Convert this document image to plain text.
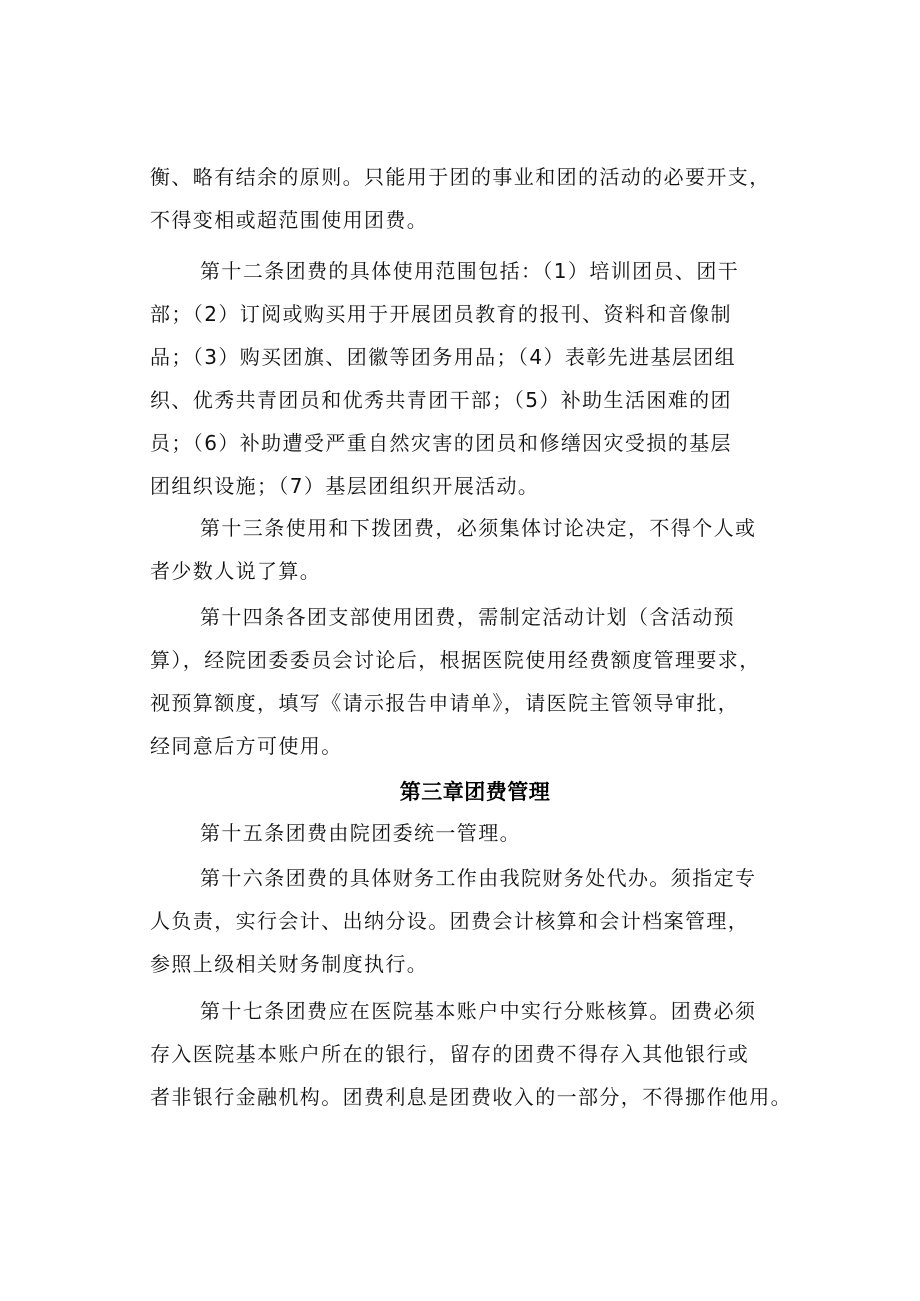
衡、略有结余的原则。只能用于团的事业和团的活动的必要开支，

不得变相或超范围使用团费。

第十二条团费的具体使用范围包括：（1）培训团员、团干

部；（2）订阅或购买用于开展团员教育的报刊、资料和音像制

品；（3）购买团旗、团徽等团务用品；（4）表彰先进基层团组

织、优秀共青团员和优秀共青团干部；（5）补助生活困难的团

员；（6）补助遭受严重自然灾害的团员和修缮因灾受损的基层

团组织设施；（7）基层团组织开展活动。

第十三条使用和下拨团费，必须集体讨论决定，不得个人或

者少数人说了算。

第十四条各团支部使用团费，需制定活动计划（含活动预

算），经院团委委员会讨论后，根据医院使用经费额度管理要求，

视预算额度，填写《请示报告申请单》，请医院主管领导审批，

经同意后方可使用。

第三章团费管理

第十五条团费由院团委统一管理。

第十六条团费的具体财务工作由我院财务处代办。须指定专

人负责，实行会计、出纳分设。团费会计核算和会计档案管理，

参照上级相关财务制度执行。

第十七条团费应在医院基本账户中实行分账核算。团费必须

存入医院基本账户所在的银行，留存的团费不得存入其他银行或

者非银行金融机构。团费利息是团费收入的一部分，不得挪作他用。
